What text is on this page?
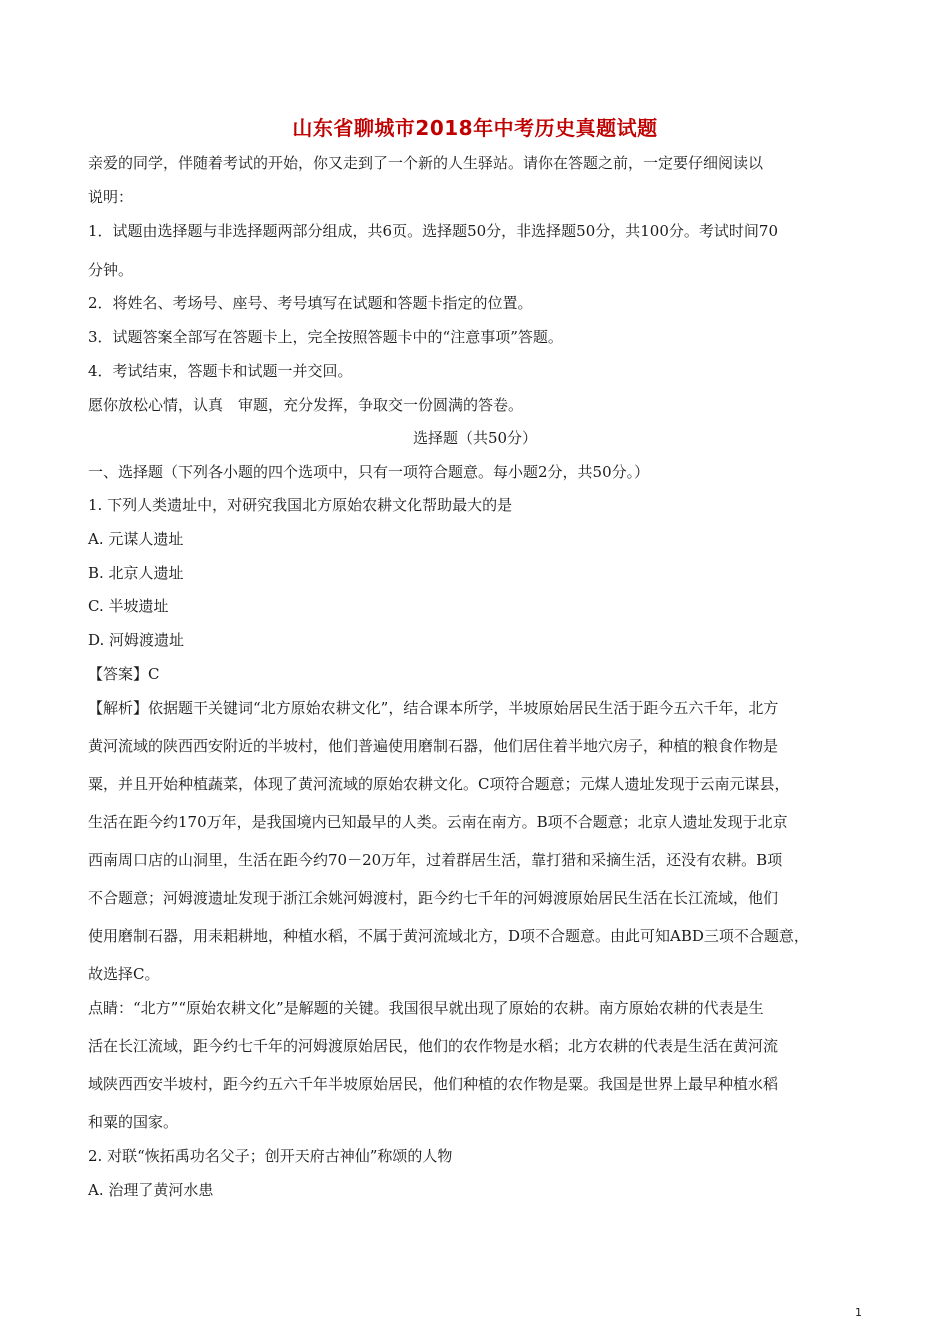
山东省聊城市2018年中考历史真题试题
亲爱的同学，伴随着考试的开始，你又走到了一个新的人生驿站。请你在答题之前，一定要仔细阅读以
说明：
1．试题由选择题与非选择题两部分组成，共6页。选择题50分，非选择题50分，共100分。考试时间70
分钟。
2．将姓名、考场号、座号、考号填写在试题和答题卡指定的位置。
3．试题答案全部写在答题卡上，完全按照答题卡中的“注意事项”答题。
4．考试结束，答题卡和试题一并交回。
愿你放松心情，认真　审题，充分发挥，争取交一份圆满的答卷。
选择题（共50分）
一、选择题（下列各小题的四个选项中，只有一项符合题意。每小题2分，共50分。）
1. 下列人类遗址中，对研究我国北方原始农耕文化帮助最大的是
A. 元谋人遗址
B. 北京人遗址
C. 半坡遗址
D. 河姆渡遗址
【答案】C
【解析】依据题干关键词“北方原始农耕文化”，结合课本所学，半坡原始居民生活于距今五六千年，北方
黄河流域的陕西西安附近的半坡村，他们普遍使用磨制石器，他们居住着半地穴房子，种植的粮食作物是
粟，并且开始种植蔬菜，体现了黄河流域的原始农耕文化。C项符合题意；元煤人遗址发现于云南元谋县，
生活在距今约170万年，是我国境内已知最早的人类。云南在南方。B项不合题意；北京人遗址发现于北京
西南周口店的山洞里，生活在距今约70－20万年，过着群居生活，靠打猎和采摘生活，还没有农耕。B项
不合题意；河姆渡遗址发现于浙江余姚河姆渡村，距今约七千年的河姆渡原始居民生活在长江流域，他们
使用磨制石器，用耒耜耕地，种植水稻，不属于黄河流域北方，D项不合题意。由此可知ABD三项不合题意，
故选择C。
点睛：“北方”“原始农耕文化”是解题的关键。我国很早就出现了原始的农耕。南方原始农耕的代表是生
活在长江流域，距今约七千年的河姆渡原始居民，他们的农作物是水稻；北方农耕的代表是生活在黄河流
域陕西西安半坡村，距今约五六千年半坡原始居民，他们种植的农作物是粟。我国是世界上最早种植水稻
和粟的国家。
2. 对联“恢拓禹功名父子；创开天府古神仙”称颂的人物
A. 治理了黄河水患
1
